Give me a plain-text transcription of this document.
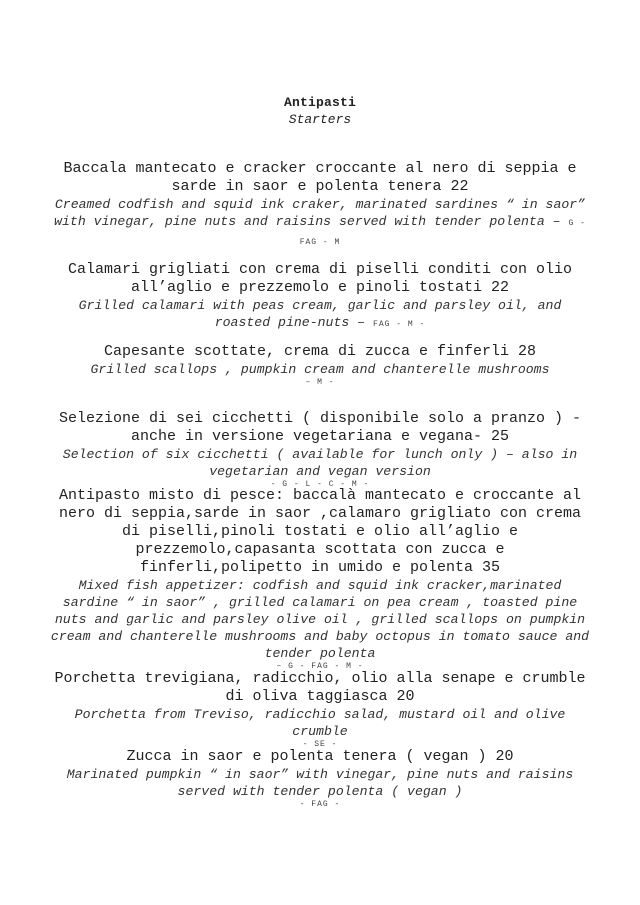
Antipasti
Starters
Baccala mantecato e cracker croccante al nero di seppia e sarde in saor e polenta tenera 22
Creamed codfish and squid ink craker, marinated sardines “ in saor” with vinegar, pine nuts and raisins served with tender polenta – G - FAG - M
Calamari grigliati con crema di piselli conditi con olio all’aglio e prezzemolo e pinoli tostati 22
Grilled calamari with peas cream, garlic and parsley oil, and roasted pine-nuts – FAG - M -
Capesante scottate, crema di zucca e finferli 28
Grilled scallops , pumpkin cream and chanterelle mushrooms
– M -
Selezione di sei cicchetti ( disponibile solo a pranzo ) - anche in versione vegetariana e vegana- 25
Selection of six cicchetti ( available for lunch only ) – also in vegetarian and vegan version
- G - L - C - M -
Antipasto misto di pesce: baccalà mantecato e croccante al nero di seppia,sarde in saor ,calamaro grigliato con crema di piselli,pinoli tostati e olio all’aglio e prezzemolo,capasanta scottata con zucca e finferli,polipetto in umido e polenta 35
Mixed fish appetizer: codfish and squid ink cracker,marinated sardine “ in saor” , grilled calamari on pea cream , toasted pine nuts and garlic and parsley olive oil , grilled scallops on pumpkin cream and chanterelle mushrooms and baby octopus in tomato sauce and tender polenta
– G - FAG - M -
Porchetta trevigiana, radicchio, olio alla senape e crumble di oliva taggiasca 20
Porchetta from Treviso, radicchio salad, mustard oil and olive crumble
- SE -
Zucca in saor e polenta tenera ( vegan ) 20
Marinated pumpkin “ in saor” with vinegar, pine nuts and raisins served with tender polenta ( vegan )
- FAG -
